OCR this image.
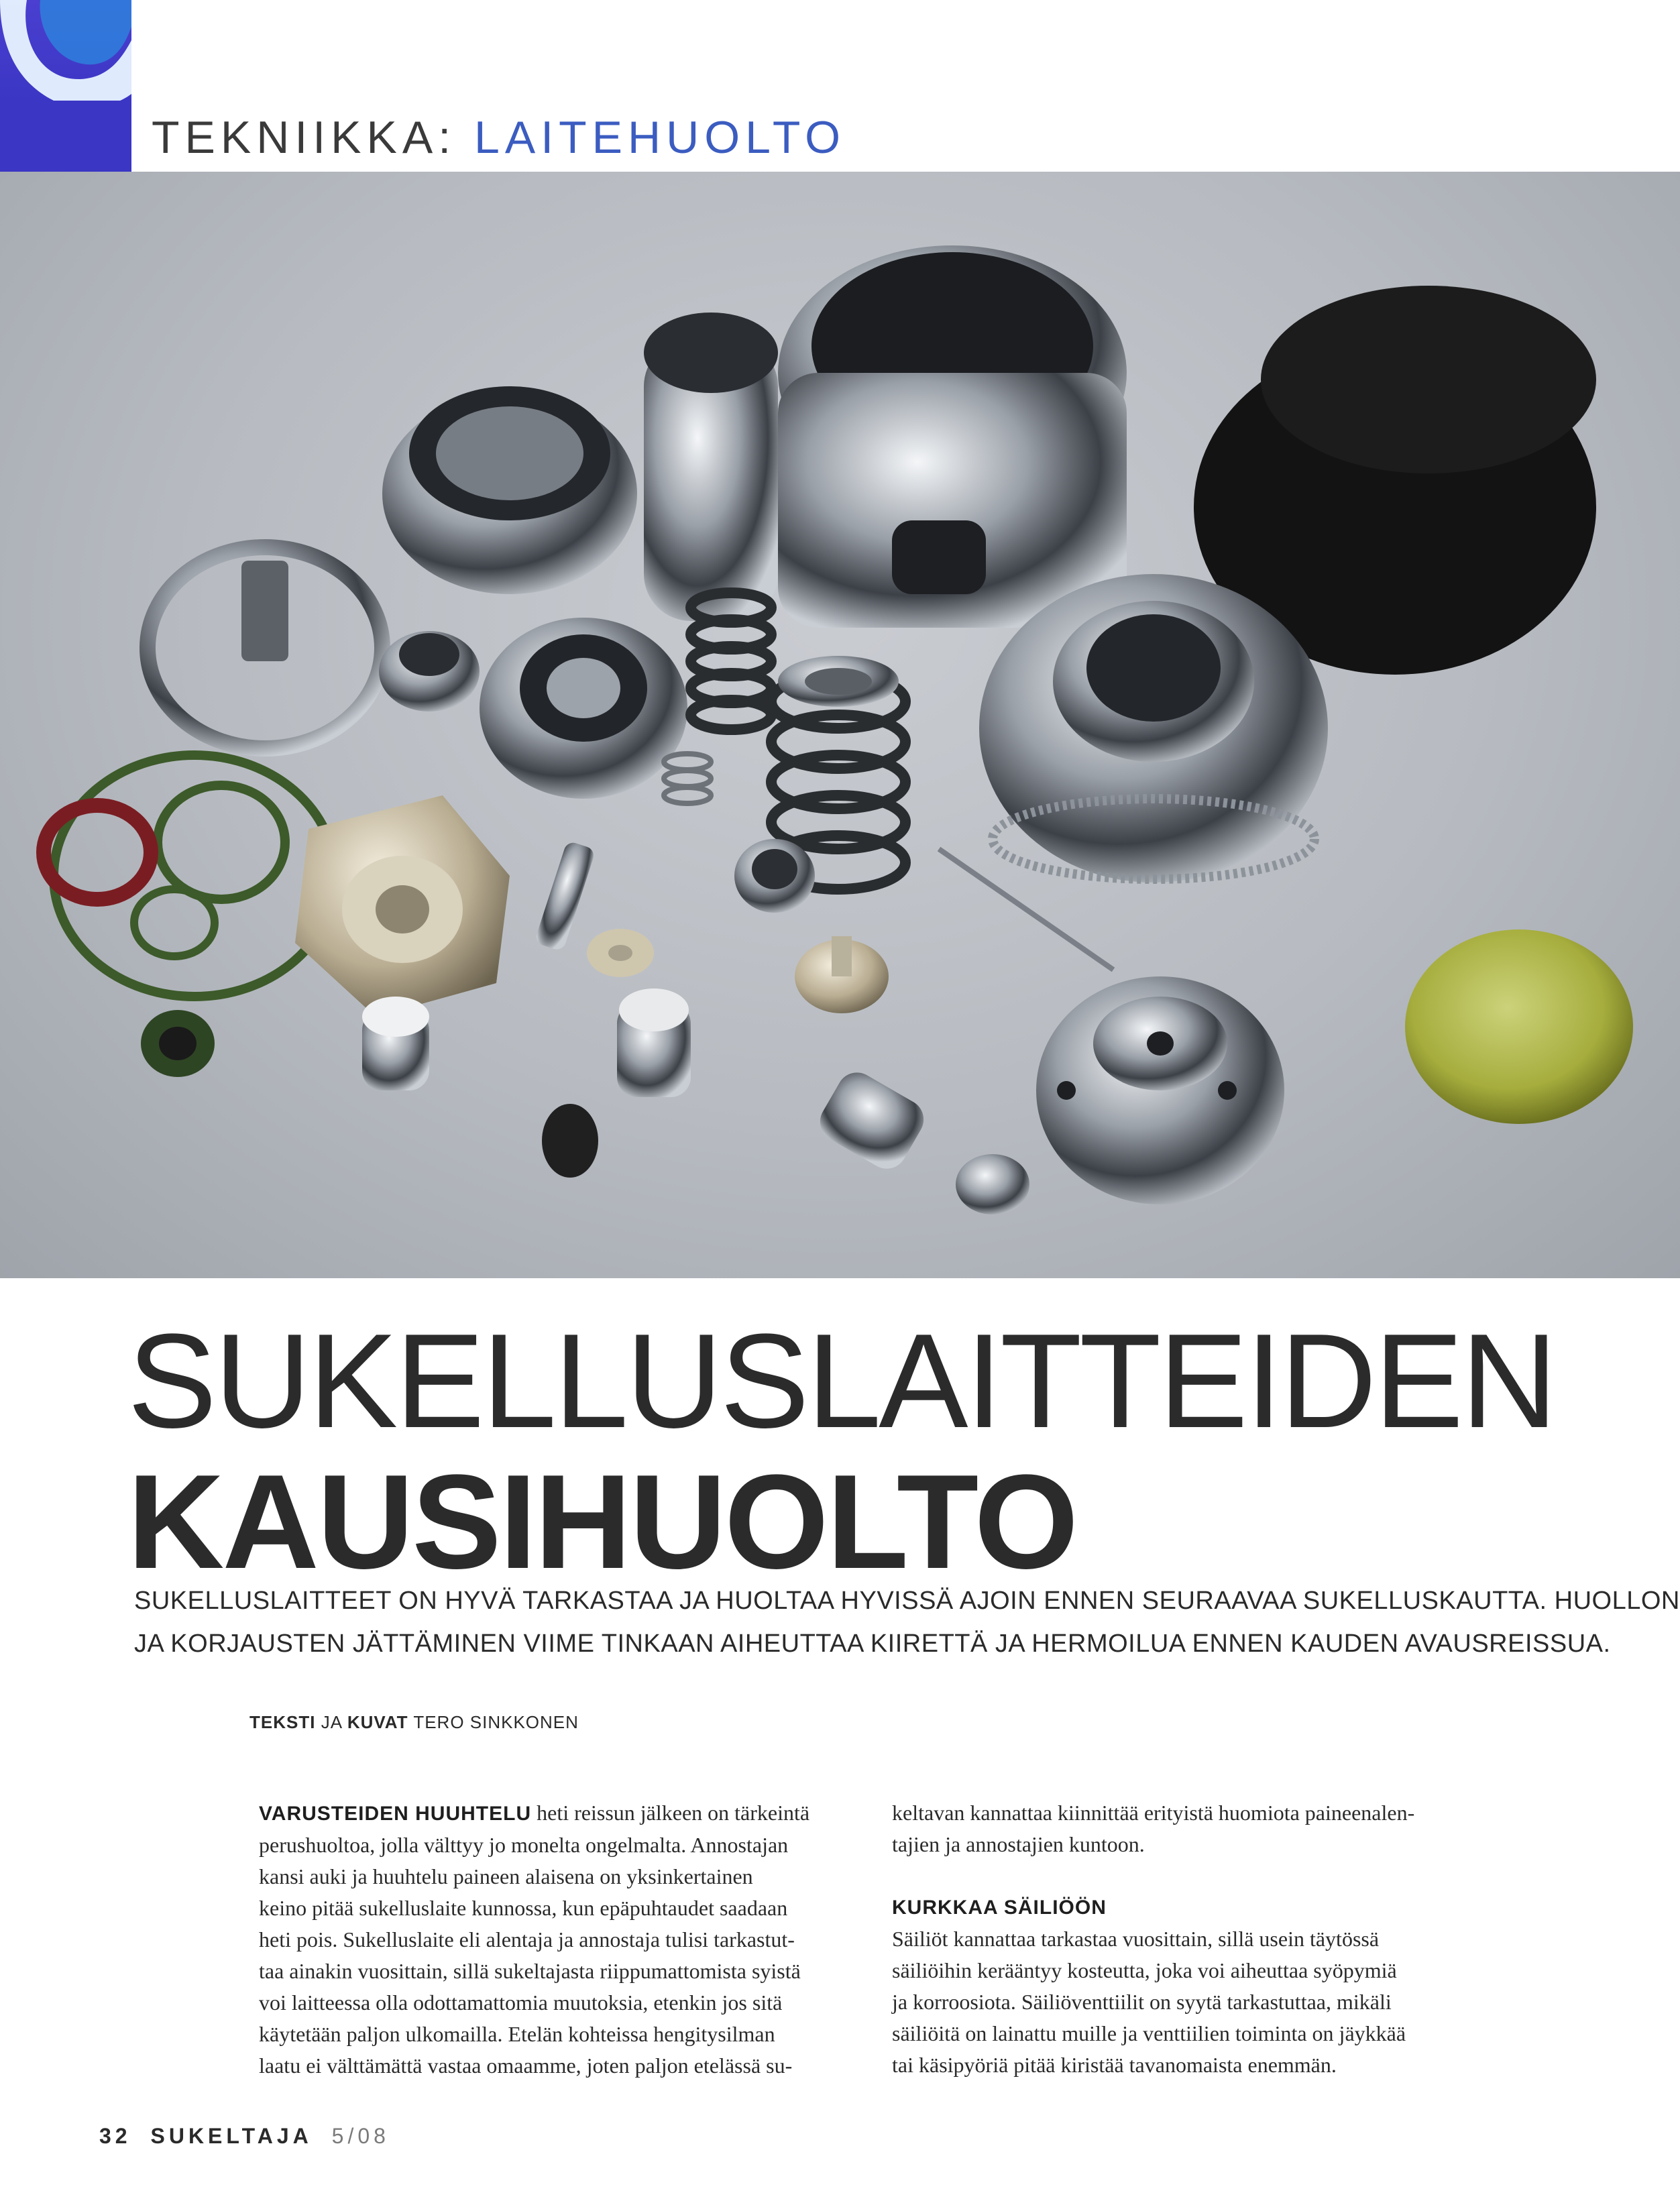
TEKNIIKKA: LAITEHUOLTO
SUKELLUSLAITTEIDEN
KAUSIHUOLTO
SUKELLUSLAITTEET ON HYVÄ TARKASTAA JA HUOLTAA HYVISSÄ AJOIN ENNEN SEURAAVAA SUKELLUSKAUTTA. HUOLLON
JA KORJAUSTEN JÄTTÄMINEN VIIME TINKAAN AIHEUTTAA KIIRETTÄ JA HERMOILUA ENNEN KAUDEN AVAUSREISSUA.
TEKSTI JA KUVAT TERO SINKKONEN
VARUSTEIDEN HUUHTELU heti reissun jälkeen on tärkeintä
perushuoltoa, jolla välttyy jo monelta ongelmalta. Annostajan
kansi auki ja huuhtelu paineen alaisena on yksinkertainen
keino pitää sukelluslaite kunnossa, kun epäpuhtaudet saadaan
heti pois. Sukelluslaite eli alentaja ja annostaja tulisi tarkastut-
taa ainakin vuosittain, sillä sukeltajasta riippumattomista syistä
voi laitteessa olla odottamattomia muutoksia, etenkin jos sitä
käytetään paljon ulkomailla. Etelän kohteissa hengitysilman
laatu ei välttämättä vastaa omaamme, joten paljon etelässä su-
keltavan kannattaa kiinnittää erityistä huomiota paineenalen-
tajien ja annostajien kuntoon.
KURKKAA SÄILIÖÖN
Säiliöt kannattaa tarkastaa vuosittain, sillä usein täytössä
säiliöihin kerääntyy kosteutta, joka voi aiheuttaa syöpymiä
ja korroosiota. Säiliöventtiilit on syytä tarkastuttaa, mikäli
säiliöitä on lainattu muille ja venttiilien toiminta on jäykkää
tai käsipyöriä pitää kiristää tavanomaista enemmän.
32 SUKELTAJA 5/08
